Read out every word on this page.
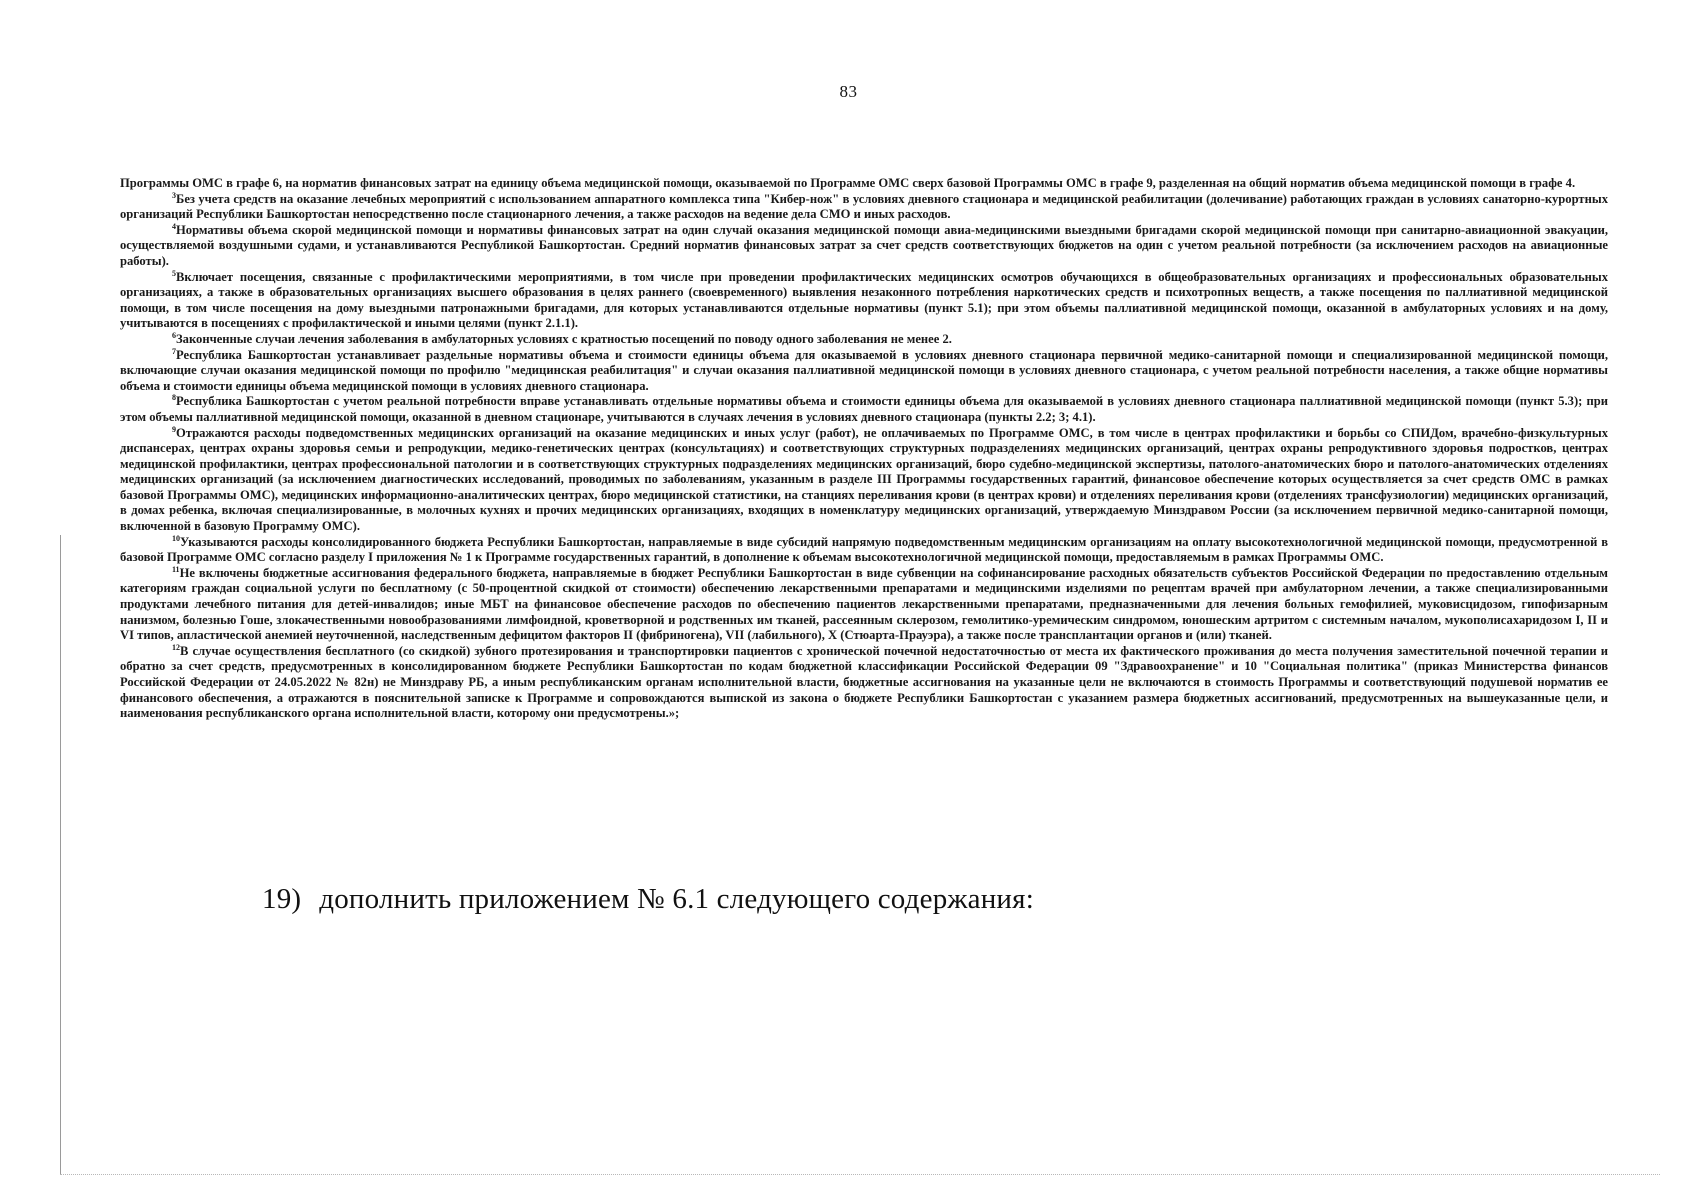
83

Программы ОМС в графе 6, на норматив финансовых затрат на единицу объема медицинской помощи, оказываемой по Программе ОМС сверх базовой Программы ОМС в графе 9, разделенная на общий норматив объема медицинской помощи в графе 4.

$^3$Без учета средств на оказание лечебных мероприятий с использованием аппаратного комплекса типа "Кибер-нож" в условиях дневного стационара и медицинской реабилитации (долечивание) работающих граждан в условиях санаторно-курортных организаций Республики Башкортостан непосредственно после стационарного лечения, а также расходов на ведение дела СМО и иных расходов.

$^4$Нормативы объема скорой медицинской помощи и нормативы финансовых затрат на один случай оказания медицинской помощи авиа-медицинскими выездными бригадами скорой медицинской помощи при санитарно-авиационной эвакуации, осуществляемой воздушными судами, и устанавливаются Республикой Башкортостан. Средний норматив финансовых затрат за счет средств соответствующих бюджетов на один с учетом реальной потребности (за исключением расходов на авиационные работы).

$^5$Включает посещения, связанные с профилактическими мероприятиями, в том числе при проведении профилактических медицинских осмотров обучающихся в общеобразовательных организациях и профессиональных образовательных организациях, а также в образовательных организациях высшего образования в целях раннего (своевременного) выявления незаконного потребления наркотических средств и психотропных веществ, а также посещения по паллиативной медицинской помощи, в том числе посещения на дому выездными патронажными бригадами, для которых устанавливаются отдельные нормативы (пункт 5.1); при этом объемы паллиативной медицинской помощи, оказанной в амбулаторных условиях и на дому, учитываются в посещениях с профилактической и иными целями (пункт 2.1.1).

$^6$Законченные случаи лечения заболевания в амбулаторных условиях с кратностью посещений по поводу одного заболевания не менее 2.

$^7$Республика Башкортостан устанавливает раздельные нормативы объема и стоимости единицы объема для оказываемой в условиях дневного стационара первичной медико-санитарной помощи и специализированной медицинской помощи, включающие случаи оказания медицинской помощи по профилю "медицинская реабилитация" и случаи оказания паллиативной медицинской помощи в условиях дневного стационара, с учетом реальной потребности населения, а также общие нормативы объема и стоимости единицы объема медицинской помощи в условиях дневного стационара.

$^8$Республика Башкортостан с учетом реальной потребности вправе устанавливать отдельные нормативы объема и стоимости единицы объема для оказываемой в условиях дневного стационара паллиативной медицинской помощи (пункт 5.3); при этом объемы паллиативной медицинской помощи, оказанной в дневном стационаре, учитываются в случаях лечения в условиях дневного стационара (пункты 2.2; 3; 4.1).

$^9$Отражаются расходы подведомственных медицинских организаций на оказание медицинских и иных услуг (работ), не оплачиваемых по Программе ОМС, в том числе в центрах профилактики и борьбы со СПИДом, врачебно-физкультурных диспансерах, центрах охраны здоровья семьи и репродукции, медико-генетических центрах (консультациях) и соответствующих структурных подразделениях медицинских организаций, центрах охраны репродуктивного здоровья подростков, центрах медицинской профилактики, центрах профессиональной патологии и в соответствующих структурных подразделениях медицинских организаций, бюро судебно-медицинской экспертизы, патолого-анатомических бюро и патолого-анатомических отделениях медицинских организаций (за исключением диагностических исследований, проводимых по заболеваниям, указанным в разделе III Программы государственных гарантий, финансовое обеспечение которых осуществляется за счет средств ОМС в рамках базовой Программы ОМС), медицинских информационно-аналитических центрах, бюро медицинской статистики, на станциях переливания крови (в центрах крови) и отделениях переливания крови (отделениях трансфузиологии) медицинских организаций, в домах ребенка, включая специализированные, в молочных кухнях и прочих медицинских организациях, входящих в номенклатуру медицинских организаций, утверждаемую Минздравом России (за исключением первичной медико-санитарной помощи, включенной в базовую Программу ОМС).

$^{10}$Указываются расходы консолидированного бюджета Республики Башкортостан, направляемые в виде субсидий напрямую подведомственным медицинским организациям на оплату высокотехнологичной медицинской помощи, предусмотренной в базовой Программе ОМС согласно разделу I приложения № 1 к Программе государственных гарантий, в дополнение к объемам высокотехнологичной медицинской помощи, предоставляемым в рамках Программы ОМС.

$^{11}$Не включены бюджетные ассигнования федерального бюджета, направляемые в бюджет Республики Башкортостан в виде субвенции на софинансирование расходных обязательств субъектов Российской Федерации по предоставлению отдельным категориям граждан социальной услуги по бесплатному (с 50-процентной скидкой от стоимости) обеспечению лекарственными препаратами и медицинскими изделиями по рецептам врачей при амбулаторном лечении, а также специализированными продуктами лечебного питания для детей-инвалидов; иные МБТ на финансовое обеспечение расходов по обеспечению пациентов лекарственными препаратами, предназначенными для лечения больных гемофилией, муковисцидозом, гипофизарным нанизмом, болезнью Гоше, злокачественными новообразованиями лимфоидной, кроветворной и родственных им тканей, рассеянным склерозом, гемолитико-уремическим синдромом, юношеским артритом с системным началом, мукополисахаридозом I, II и VI типов, апластической анемией неуточненной, наследственным дефицитом факторов II (фибриногена), VII (лабильного), X (Стюарта-Прауэра), а также после трансплантации органов и (или) тканей.

$^{12}$В случае осуществления бесплатного (со скидкой) зубного протезирования и транспортировки пациентов с хронической почечной недостаточностью от места их фактического проживания до места получения заместительной почечной терапии и обратно за счет средств, предусмотренных в консолидированном бюджете Республики Башкортостан по кодам бюджетной классификации Российской Федерации 09 "Здравоохранение" и 10 "Социальная политика" (приказ Министерства финансов Российской Федерации от 24.05.2022 № 82н) не Минздраву РБ, а иным республиканским органам исполнительной власти, бюджетные ассигнования на указанные цели не включаются в стоимость Программы и соответствующий подушевой норматив ее финансового обеспечения, а отражаются в пояснительной записке к Программе и сопровождаются выпиской из закона о бюджете Республики Башкортостан с указанием размера бюджетных ассигнований, предусмотренных на вышеуказанные цели, и наименования республиканского органа исполнительной власти, которому они предусмотрены.»;

19) дополнить приложением № 6.1 следующего содержания:
